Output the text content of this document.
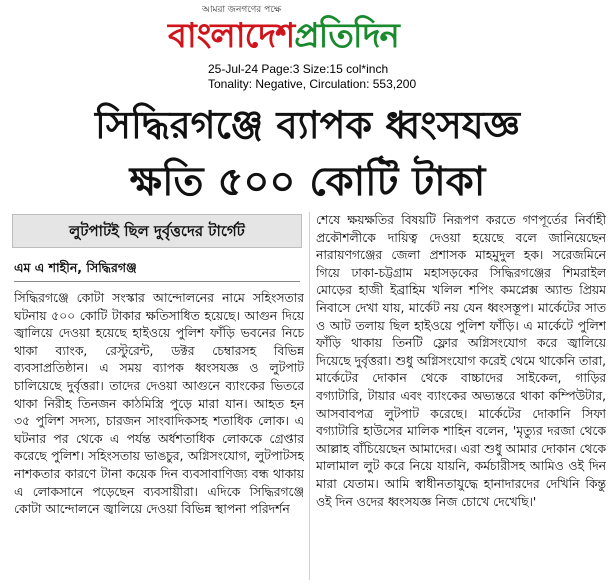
আমরা জনগণের পক্ষে
বাংলাদেশপ্রতিদিন
25-Jul-24 Page:3 Size:15 col*inch
Tonality: Negative, Circulation: 553,200
সিদ্ধিরগঞ্জে ব্যাপক ধ্বংসযজ্ঞ
ক্ষতি ৫০০ কোটি টাকা
লুটপাটই ছিল দুর্বৃত্তদের টার্গেট
এম এ শাহীন, সিদ্ধিরগঞ্জ
সিদ্ধিরগঞ্জে কোটা সংস্কার আন্দোলনের নামে সহিংসতার ঘটনায় ৫০০ কোটি টাকার ক্ষতিসাধিত হয়েছে। আগুন দিয়ে জ্বালিয়ে দেওয়া হয়েছে হাইওয়ে পুলিশ ফাঁড়ি ভবনের নিচে থাকা ব্যাংক, রেস্টুরেন্ট, ডক্টর চেম্বারসহ বিভিন্ন ব্যবসাপ্রতিষ্ঠান। এ সময় ব্যাপক ধ্বংসযজ্ঞ ও লুটপাট চালিয়েছে দুর্বৃত্তরা। তাদের দেওয়া আগুনে ব্যাংকের ভিতরে থাকা নিরীহ তিনজন কাঠমিস্ত্রি পুড়ে মারা যান। আহত হন ৩৫ পুলিশ সদস্য, চারজন সাংবাদিকসহ শতাধিক লোক। এ ঘটনার পর থেকে এ পর্যন্ত অর্ধশতাধিক লোককে গ্রেপ্তার করেছে পুলিশ। সহিংসতায় ভাঙচুর, অগ্নিসংযোগ, লুটপাটসহ নাশকতার কারণে টানা কয়েক দিন ব্যবসাবাণিজ্য বন্ধ থাকায় এ লোকসানে পড়েছেন ব্যবসায়ীরা। এদিকে সিদ্ধিরগঞ্জে কোটা আন্দোলনে জ্বালিয়ে দেওয়া বিভিন্ন স্থাপনা পরিদর্শন
শেষে ক্ষয়ক্ষতির বিষয়টি নিরূপণ করতে গণপূর্তের নির্বাহী প্রকৌশলীকে দায়িত্ব দেওয়া হয়েছে বলে জানিয়েছেন নারায়ণগঞ্জের জেলা প্রশাসক মাহমুদুল হক। সরেজমিনে গিয়ে ঢাকা-চট্টগ্রাম মহাসড়কের সিদ্ধিরগঞ্জের শিমরাইল মোড়ের হাজী ইব্রাহিম খলিল শপিং কমপ্লেক্স অ্যান্ড প্রিয়ম নিবাসে দেখা যায়, মার্কেট নয় যেন ধ্বংসস্তূপ। মার্কেটের সাত ও আট তলায় ছিল হাইওয়ে পুলিশ ফাঁড়ি। এ মার্কেটে পুলিশ ফাঁড়ি থাকায় তিনটি ফ্লোর অগ্নিসংযোগ করে জ্বালিয়ে দিয়েছে দুর্বৃত্তরা। শুধু অগ্নিসংযোগ করেই থেমে থাকেনি তারা, মার্কেটের দোকান থেকে বাচ্চাদের সাইকেল, গাড়ির বগ্যাটারি, টায়ার এবং ব্যাংকের অভ্যন্তরে থাকা কম্পিউটার, আসবাবপত্র লুটপাট করেছে। মার্কেটের দোকানি সিফা বগ্যাটারি হাউসের মালিক শাহিন বলেন, 'মৃত্যুর দরজা থেকে আল্লাহ বাঁচিয়েছেন আমাদের। এরা শুধু আমার দোকান থেকে মালামাল লুট করে নিয়ে যায়নি, কর্মচারীসহ আমিও ওই দিন মারা যেতাম। আমি স্বাধীনতাযুদ্ধে হানাদারদের দেখিনি কিন্তু ওই দিন ওদের ধ্বংসযজ্ঞ নিজ চোখে দেখেছি।'
